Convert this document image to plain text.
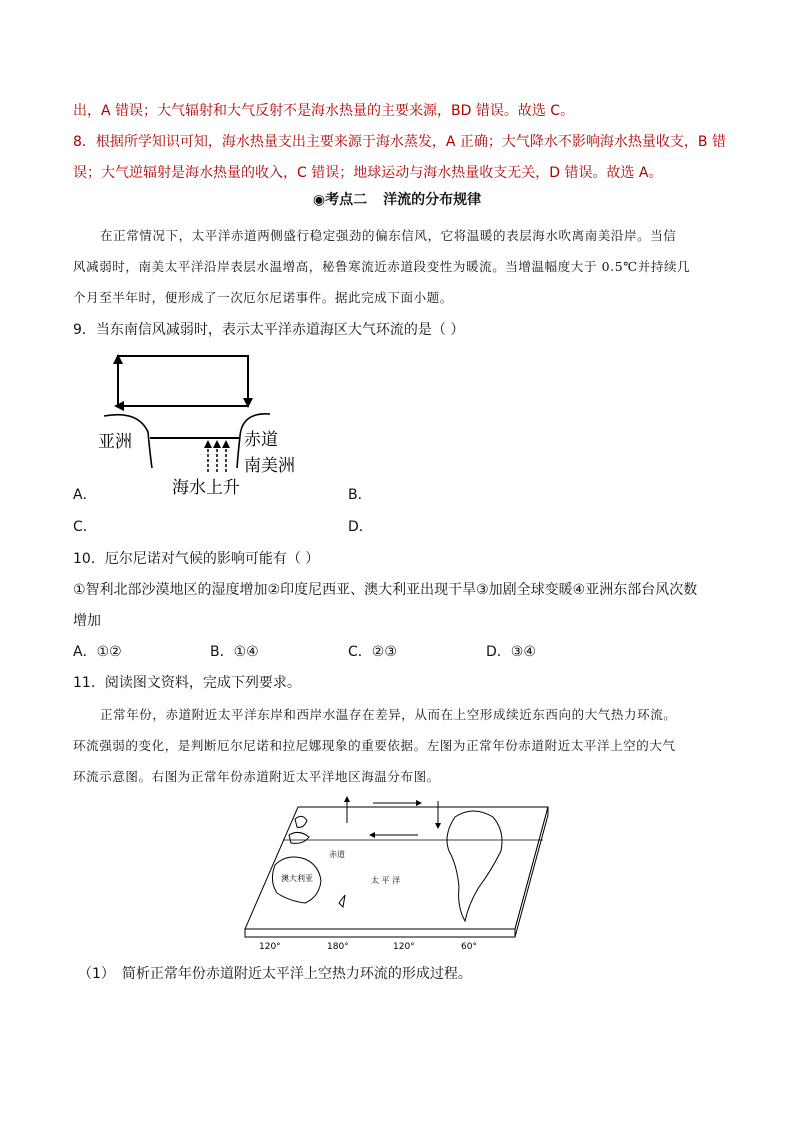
出，A 错误；大气辐射和大气反射不是海水热量的主要来源，BD 错误。故选 C。
8．根据所学知识可知，海水热量支出主要来源于海水蒸发，A 正确；大气降水不影响海水热量收支，B 错
误；大气逆辐射是海水热量的收入，C 错误；地球运动与海水热量收支无关，D 错误。故选 A。
◉考点二 洋流的分布规律
在正常情况下，太平洋赤道两侧盛行稳定强劲的偏东信风，它将温暖的表层海水吹离南美沿岸。当信
风减弱时，南美太平洋沿岸表层水温增高，秘鲁寒流近赤道段变性为暖流。当增温幅度大于 0.5℃并持续几
个月至半年时，便形成了一次厄尔尼诺事件。据此完成下面小题。
9．当东南信风减弱时，表示太平洋赤道海区大气环流的是（ ）
亚洲	赤道
南美洲
海水上升
A．	B．
C．	D．
10．厄尔尼诺对气候的影响可能有（ ）
①智利北部沙漠地区的湿度增加②印度尼西亚、澳大利亚出现干旱③加剧全球变暖④亚洲东部台风次数
增加
A．①②	B．①④	C．②③	D．③④
11．阅读图文资料，完成下列要求。
正常年份，赤道附近太平洋东岸和西岸水温存在差异，从而在上空形成续近东西向的大气热力环流。
环流强弱的变化，是判断厄尔尼诺和拉尼娜现象的重要依据。左图为正常年份赤道附近太平洋上空的大气
环流示意图。右图为正常年份赤道附近太平洋地区海温分布图。
赤道
澳大利亚	太 平 洋
120°	180°	120°	60°
（1）　简析正常年份赤道附近太平洋上空热力环流的形成过程。
